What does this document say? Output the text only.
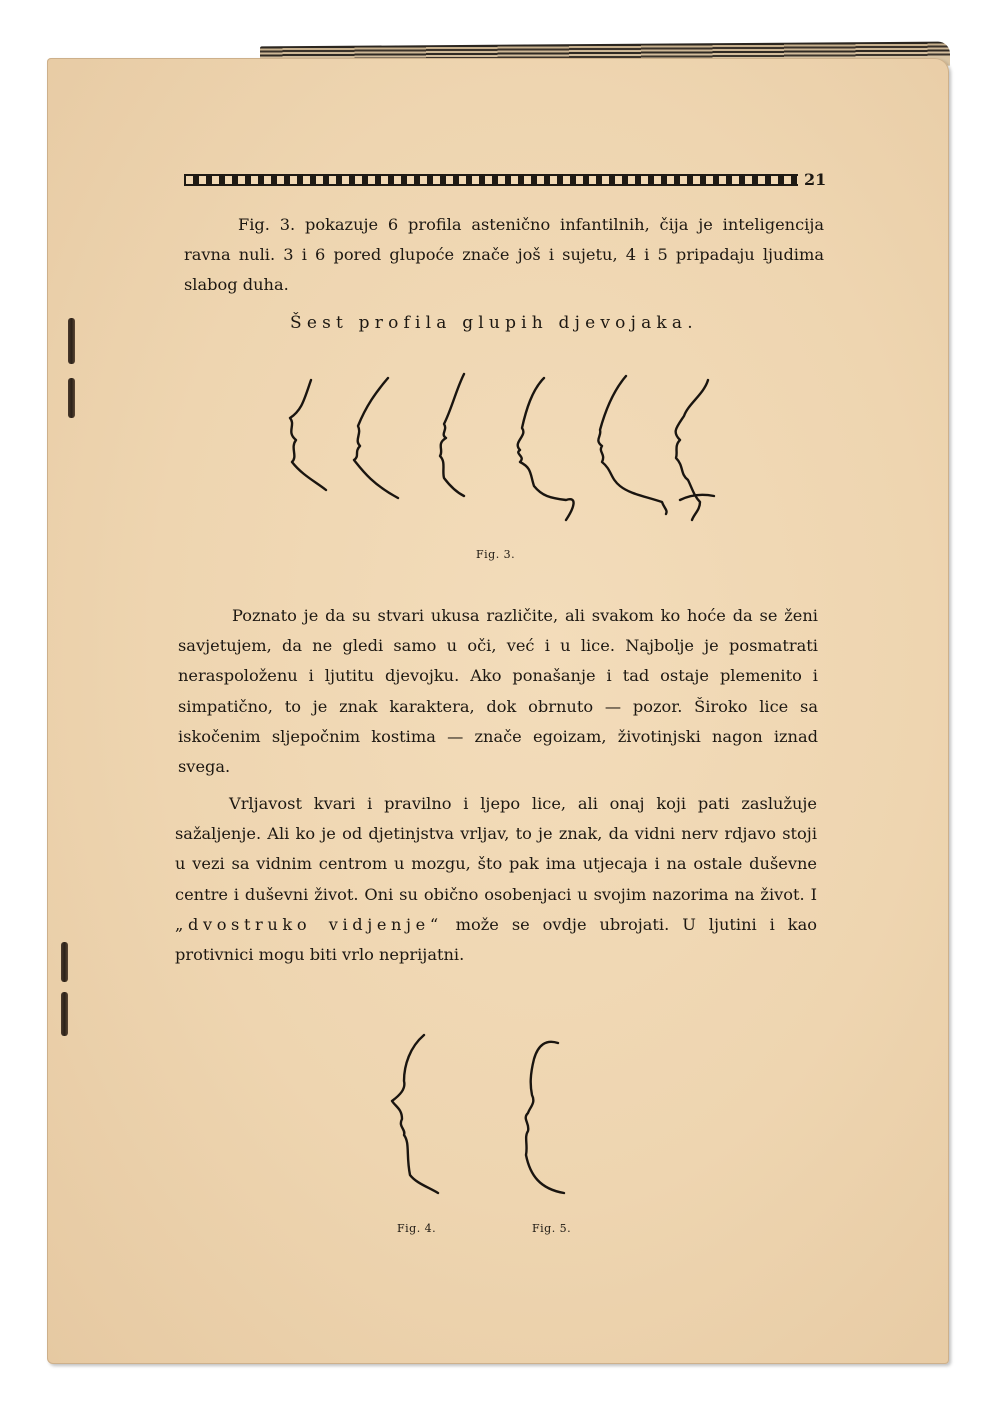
21

Fig. 3. pokazuje 6 profila astenično infantilnih, čija je inteligencija ravna nuli. 3 i 6 pored glupoće znače još i sujetu, 4 i 5 pripadaju ljudima slabog duha.

Šest profila glupih djevojaka.
Fig. 3.

Poznato je da su stvari ukusa različite, ali svakom ko hoće da se ženi savjetujem, da ne gledi samo u oči, već i u lice. Najbolje je posmatrati neraspoloženu i ljutitu djevojku. Ako ponašanje i tad ostaje plemenito i simpatično, to je znak karaktera, dok obrnuto — pozor. Široko lice sa iskočenim sljepočnim kostima — znače egoizam, životinjski nagon iznad svega.

Vrljavost kvari i pravilno i ljepo lice, ali onaj koji pati zaslužuje sažaljenje. Ali ko je od djetinjstva vrljav, to je znak, da vidni nerv rdjavo stoji u vezi sa vidnim centrom u mozgu, što pak ima utjecaja i na ostale duševne centre i duševni život. Oni su obično osobenjaci u svojim nazorima na život. I „dvostruko vidjenje“ može se ovdje ubrojati. U ljutini i kao protivnici mogu biti vrlo neprijatni.

Fig. 4.	Fig. 5.
